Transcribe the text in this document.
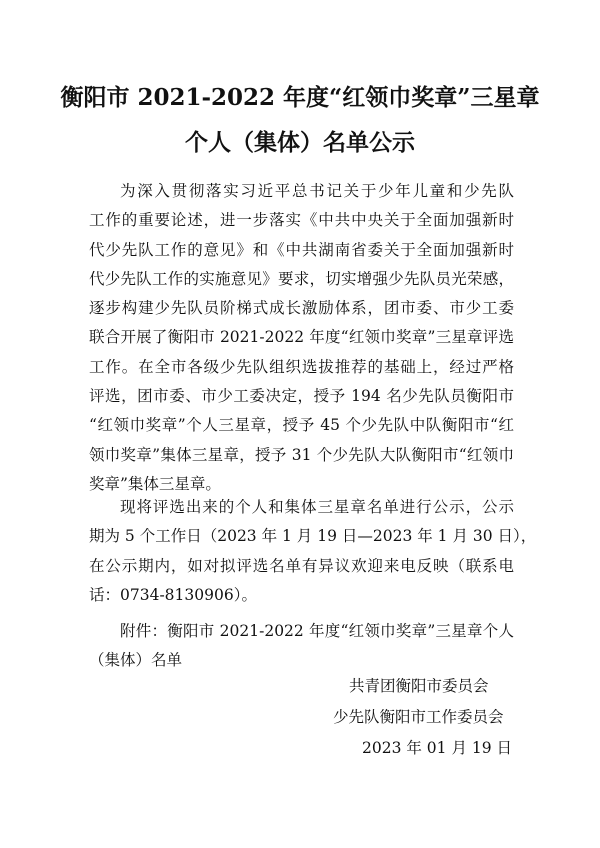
衡阳市 2021-2022 年度“红领巾奖章”三星章
个人（集体）名单公示
为深入贯彻落实习近平总书记关于少年儿童和少先队
工作的重要论述，进一步落实《中共中央关于全面加强新时
代少先队工作的意见》和《中共湖南省委关于全面加强新时
代少先队工作的实施意见》要求，切实增强少先队员光荣感，
逐步构建少先队员阶梯式成长激励体系，团市委、市少工委
联合开展了衡阳市 2021-2022 年度“红领巾奖章”三星章评选
工作。在全市各级少先队组织选拔推荐的基础上，经过严格
评选，团市委、市少工委决定，授予 194 名少先队员衡阳市
“红领巾奖章”个人三星章，授予 45 个少先队中队衡阳市“红
领巾奖章”集体三星章，授予 31 个少先队大队衡阳市“红领巾
奖章”集体三星章。
现将评选出来的个人和集体三星章名单进行公示，公示
期为 5 个工作日（2023 年 1 月 19 日—2023 年 1 月 30 日），
在公示期内，如对拟评选名单有异议欢迎来电反映（联系电
话：0734-8130906）。
附件：衡阳市 2021-2022 年度“红领巾奖章”三星章个人
（集体）名单
共青团衡阳市委员会
少先队衡阳市工作委员会
2023 年 01 月 19 日
